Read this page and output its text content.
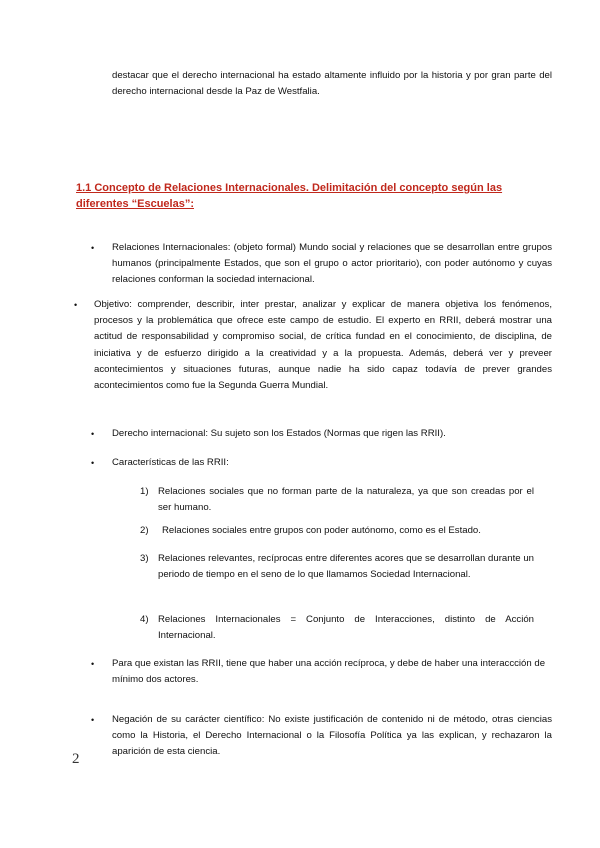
destacar que el derecho internacional ha estado altamente influido por la historia y por gran parte del derecho internacional desde la Paz de Westfalia.

1.1 Concepto de Relaciones Internacionales. Delimitación del concepto según las diferentes “Escuelas”:

• Relaciones Internacionales: (objeto formal) Mundo social y relaciones que se desarrollan entre grupos humanos (principalmente Estados, que son el grupo o actor prioritario), con poder autónomo y cuyas relaciones conforman la sociedad internacional.

• Objetivo: comprender, describir, inter prestar, analizar y explicar de manera objetiva los fenómenos, procesos y la problemática que ofrece este campo de estudio. El experto en RRII, deberá mostrar una actitud de responsabilidad y compromiso social, de crítica fundad en el conocimiento, de disciplina, de iniciativa y de esfuerzo dirigido a la creatividad y a la propuesta. Además, deberá ver y preveer acontecimientos y situaciones futuras, aunque nadie ha sido capaz todavía de prever grandes acontecimientos como fue la Segunda Guerra Mundial.

• Derecho internacional: Su sujeto son los Estados (Normas que rigen las RRII).

• Características de las RRII:

1) Relaciones sociales que no forman parte de la naturaleza, ya que son creadas por el ser humano.

2) Relaciones sociales entre grupos con poder autónomo, como es el Estado.

3) Relaciones relevantes, recíprocas entre diferentes acores que se desarrollan durante un periodo de tiempo en el seno de lo que llamamos Sociedad Internacional.

4) Relaciones Internacionales = Conjunto de Interacciones, distinto de Acción Internacional.

• Para que existan las RRII, tiene que haber una acción recíproca, y debe de haber una interaccción de mínimo dos actores.

• Negación de su carácter científico: No existe justificación de contenido ni de método, otras ciencias como la Historia, el Derecho Internacional o la Filosofía Política ya las explican, y rechazaron la aparición de esta ciencia.

2
